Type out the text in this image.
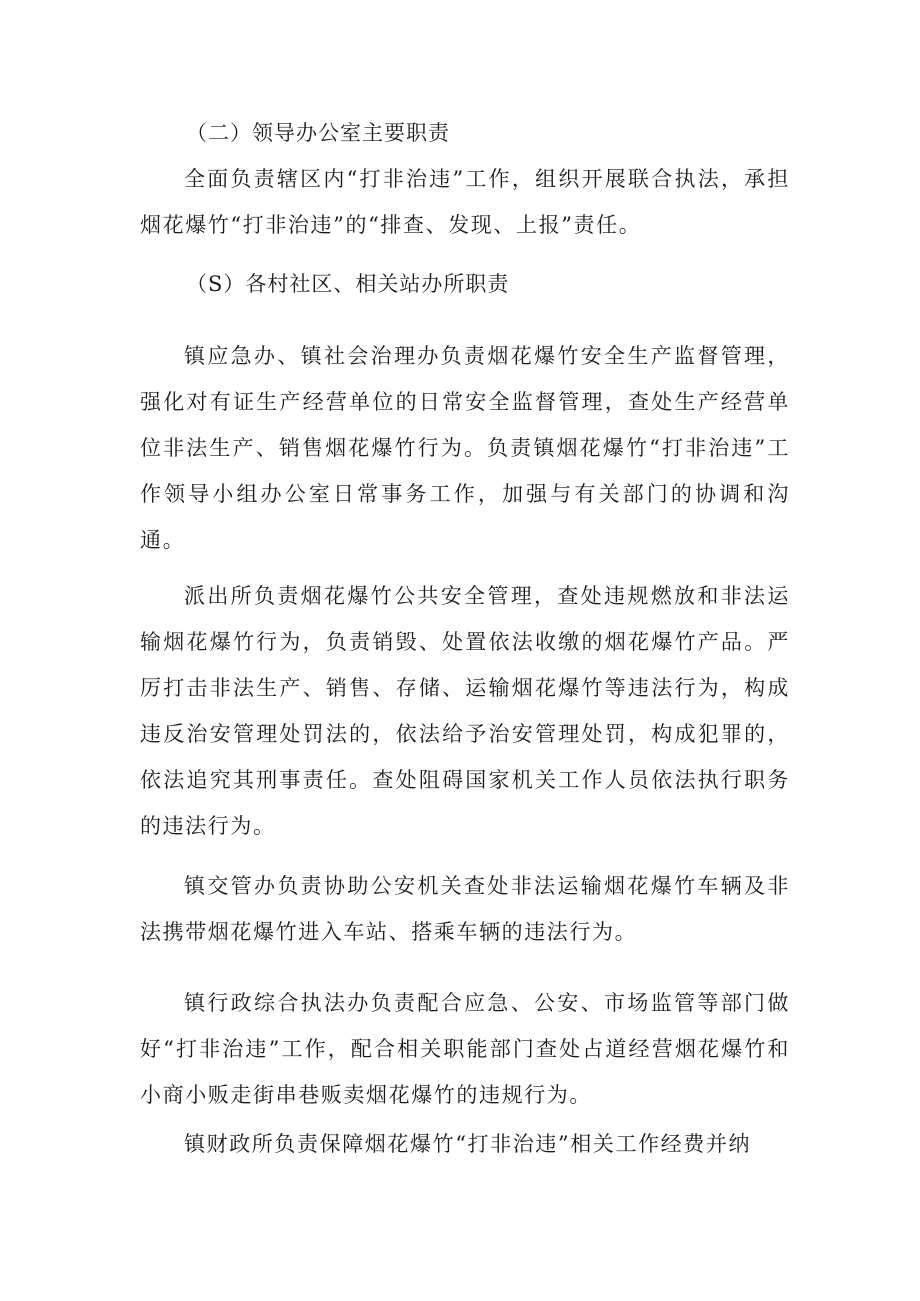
（二）领导办公室主要职责

全面负责辖区内“打非治违”工作，组织开展联合执法，承担烟花爆竹“打非治违”的“排查、发现、上报”责任。

（S）各村社区、相关站办所职责

镇应急办、镇社会治理办负责烟花爆竹安全生产监督管理，强化对有证生产经营单位的日常安全监督管理，查处生产经营单位非法生产、销售烟花爆竹行为。负责镇烟花爆竹“打非治违”工作领导小组办公室日常事务工作，加强与有关部门的协调和沟通。

派出所负责烟花爆竹公共安全管理，查处违规燃放和非法运输烟花爆竹行为，负责销毁、处置依法收缴的烟花爆竹产品。严厉打击非法生产、销售、存储、运输烟花爆竹等违法行为，构成违反治安管理处罚法的，依法给予治安管理处罚，构成犯罪的，依法追究其刑事责任。查处阻碍国家机关工作人员依法执行职务的违法行为。

镇交管办负责协助公安机关查处非法运输烟花爆竹车辆及非法携带烟花爆竹进入车站、搭乘车辆的违法行为。

镇行政综合执法办负责配合应急、公安、市场监管等部门做好“打非治违”工作，配合相关职能部门查处占道经营烟花爆竹和小商小贩走街串巷贩卖烟花爆竹的违规行为。

镇财政所负责保障烟花爆竹“打非治违”相关工作经费并纳
